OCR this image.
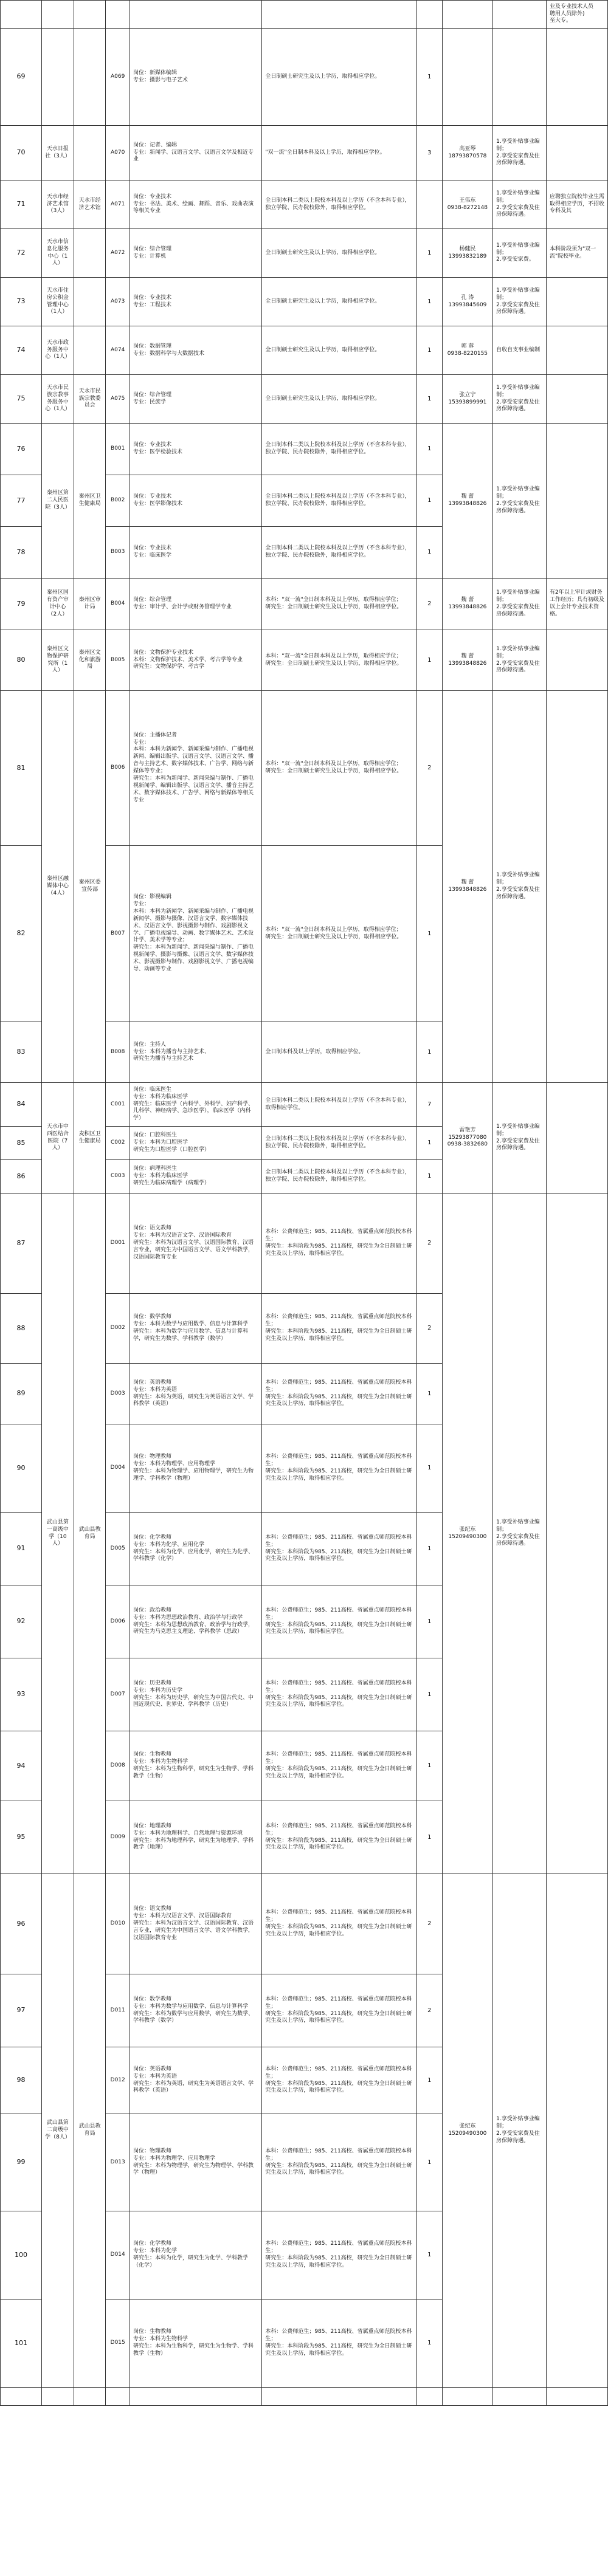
									业及专业技术人员
聘用人员除外)
至大专。
69			A069	岗位：新媒体编辑
专业：摄影与电子艺术	全日制硕士研究生及以上学历，取得相应学位。	1			
70	天水日报社（3人）		A070	岗位：记者、编辑
专业：新闻学、汉语言文学、汉语言文学及相近专业	"双一流"全日制本科及以上学历，取得相应学位。	3	高亚琴
18793870578	1.享受补贴事业编制；
2.享受安家费及住房保障待遇。	
71	天水市经济艺术馆（3人）	天水市经济艺术馆	A071	岗位：专业技术
专业：书法、美术、绘画、舞蹈、音乐、戏曲表演等相关专业	全日制本科二类以上院校本科及以上学历（不含本科专业），独立学院、民办院校除外，取得相应学位。		王伟东
0938-8272148	1.享受补贴事业编制；
2.享受安家费及住房保障待遇。	应聘独立院校毕业生需取得相应学历，不招收专科及其
72	天水市信息化服务中心（1人）		A072	岗位：综合管理
专业：计算机	全日制硕士研究生及以上学历，取得相应学位。	1	杨健民
13993832189	1.享受补贴事业编制；
2.享受安家费。	本科阶段须为"双一流"院校毕业。
73	天水市住房公积金管理中心（1人）		A073	岗位：专业技术
专业：工程技术	全日制硕士研究生及以上学历，取得相应学位。	1	孔 涛
13993845609	1.享受补贴事业编制；
2.享受安家费及住房保障待遇。	
74	天水市政务服务中心（1人）		A074	岗位：数据管理
专业：数据科学与大数据技术	全日制硕士研究生及以上学历，取得相应学位。	1	郭 蓉
0938-8220155	自收自支事业编制	
75	天水市民族宗教事务服务中心（1人）	天水市民族宗教委员会	A075	岗位：综合管理
专业：民族学	全日制硕士研究生及以上学历，取得相应学位。	1	张立宁
15393899991	1.享受补贴事业编制；
2.享受安家费及住房保障待遇。	
76	秦州区第二人民医院（3人）	秦州区卫生健康局	B001	岗位：专业技术
专业：医学检验技术	全日制本科二类以上院校本科及以上学历（不含本科专业），独立学院、民办院校除外，取得相应学位。	1	魏 蕾
13993848826	1.享受补贴事业编制；
2.享受安家费及住房保障待遇。	
77			B002	岗位：专业技术
专业：医学影像技术	全日制本科二类以上院校本科及以上学历（不含本科专业），独立学院、民办院校除外，取得相应学位。	1			
78			B003	岗位：专业技术
专业：临床医学	全日制本科二类以上院校本科及以上学历（不含本科专业），独立学院、民办院校除外，取得相应学位。	1			
79	秦州区国有资产审计中心（2人）	秦州区审计局	B004	岗位：综合管理
专业：审计学、会计学或财务管理学专业	本科："双一流"全日制本科及以上学历，取得相应学位；
研究生：全日制硕士研究生及以上学历，取得相应学位。	2	魏 蕾
13993848826	1.享受补贴事业编制；
2.享受安家费及住房保障待遇。	有2年以上审计或财务工作经历；具有初级及以上会计专业技术资格。
80	秦州区文物保护研究所（1人）	秦州区文化和旅游局	B005	岗位：文物保护专业技术
本科：文物保护技术、美术学、考古学等专业
研究生：文物保护学、考古学	本科："双一流"全日制本科及以上学历，取得相应学位；
研究生：全日制硕士研究生及以上学历，取得相应学位。	1	魏 蕾
13993848826	1.享受补贴事业编制；
2.享受安家费及住房保障待遇。	
81	秦州区融媒体中心（4人）	秦州区委宣传部	B006	岗位：主播体记者
专业：
本科：本科为新闻学、新闻采编与制作、广播电视新闻、编辑出版学、汉语言文学、汉语言文学、播音与主持艺术、数字媒体技术、广告学、网络与新媒体等专业；
研究生：本科为新闻学、新闻采编与制作、广播电视新闻学、编辑出版学、汉语言文学、播音主持艺术、数字媒体技术、广告学、网络与新媒体等相关专业	本科："双一流"全日制本科及以上学历，取得相应学位；
研究生：全日制硕士研究生及以上学历，取得相应学位。	2	魏 蕾
13993848826	1.享受补贴事业编制；
2.享受安家费及住房保障待遇。	
82			B007	岗位：影视编辑
专业：
本科：本科为新闻学、新闻采编与制作、广播电视新闻学、摄影与摄像、汉语言文学、数字媒体技术、汉语言文学、影视摄影与制作、戏剧影视文学、广播电视编导、动画、数字媒体艺术、艺术设计学、美术学等专业；
研究生：本科为新闻学、新闻采编与制作、广播电视新闻学、摄影与摄像、汉语言文学、数字媒体技术、影视摄影与制作、戏剧影视文学、广播电视编导、动画等专业	本科："双一流"全日制本科及以上学历，取得相应学位；
研究生：全日制硕士研究生及以上学历，取得相应学位。	1			
83			B008	岗位：主持人
专业：本科为播音与主持艺术、
研究生为播音与主持艺术	全日制本科及以上学历，取得相应学位。	1			
84	天水市中西医结合医院（7人）	麦积区卫生健康局	C001	岗位：临床医生
专业：本科为临床医学
研究生：临床医学（内科学、外科学、妇产科学、儿科学、神经病学、急诊医学），临床医学（内科学）	全日制本科二类以上院校本科及以上学历（不含本科专业），取得相应学位。	7	雷艳芳
15293877080
0938-3832680	1.享受补贴事业编制；
2.享受安家费及住房保障待遇。	
85			C002	岗位：口腔科医生
专业：本科为口腔医学
研究生为口腔医学（口腔医学）	全日制本科二类以上院校本科及以上学历（不含本科专业），独立学院、民办院校除外，取得相应学位。	1			
86			C003	岗位：病理科医生
专业：本科为临床医学
研究生为临床病理学（病理学）	全日制本科二类以上院校本科及以上学历（不含本科专业），独立学院、民办院校除外，取得相应学位。	1			
87	武山县第一高级中学（10人）	武山县教育局	D001	岗位：语文教师
专业：本科为汉语言文学、汉语国际教育
研究生：本科为汉语言文学、汉语国际教育、汉语言专业，研究生为中国语言文学、语文学科教学，汉语国际教育专业	本科：公费师范生；985、211高校、省属重点师范院校本科生；
研究生：本科阶段为985、211高校，研究生为全日制硕士研究生及以上学历，取得相应学位。	2	张纪东
15209490300	1.享受补贴事业编制；
2.享受安家费及住房保障待遇。	
88			D002	岗位：数学教师
专业：本科为数学与应用数学、信息与计算科学
研究生：本科为数学与应用数学、信息与计算科学，研究生为数学、学科教学（数学）	本科：公费师范生；985、211高校、省属重点师范院校本科生；
研究生：本科阶段为985、211高校，研究生为全日制硕士研究生及以上学历，取得相应学位。	2			
89			D003	岗位：英语教师
专业：本科为英语
研究生：本科为英语，研究生为英语语言文学、学科教学（英语）	本科：公费师范生；985、211高校、省属重点师范院校本科生；
研究生：本科阶段为985、211高校，研究生为全日制硕士研究生及以上学历，取得相应学位。	1			
90			D004	岗位：物理教师
专业：本科为物理学、应用物理学
研究生：本科为物理学、应用物理学，研究生为物理学、学科教学（物理）	本科：公费师范生；985、211高校、省属重点师范院校本科生；
研究生：本科阶段为985、211高校，研究生为全日制硕士研究生及以上学历，取得相应学位。	1			
91			D005	岗位：化学教师
专业：本科为化学、应用化学
研究生：本科为化学、应用化学，研究生为化学、学科教学（化学）	本科：公费师范生；985、211高校、省属重点师范院校本科生；
研究生：本科阶段为985、211高校，研究生为全日制硕士研究生及以上学历，取得相应学位。	1			
92			D006	岗位：政治教师
专业：本科为思想政治教育、政治学与行政学
研究生：本科为思想政治教育、政治学与行政学，研究生为马克思主义理论、学科教学（思政）	本科：公费师范生；985、211高校、省属重点师范院校本科生；
研究生：本科阶段为985、211高校，研究生为全日制硕士研究生及以上学历，取得相应学位。	1			
93			D007	岗位：历史教师
专业：本科为历史学
研究生：本科为历史学，研究生为中国古代史、中国近现代史、世界史、学科教学（历史）	本科：公费师范生；985、211高校、省属重点师范院校本科生；
研究生：本科阶段为985、211高校，研究生为全日制硕士研究生及以上学历，取得相应学位。	1			
94			D008	岗位：生物教师
专业：本科为生物科学
研究生：本科为生物科学，研究生为生物学、学科教学（生物）	本科：公费师范生；985、211高校、省属重点师范院校本科生；
研究生：本科阶段为985、211高校，研究生为全日制硕士研究生及以上学历，取得相应学位。	1			
95			D009	岗位：地理教师
专业：本科为地理科学、自然地理与资源环境
研究生：本科为地理科学，研究生为地理学、学科教学（地理）	本科：公费师范生；985、211高校、省属重点师范院校本科生；
研究生：本科阶段为985、211高校，研究生为全日制硕士研究生及以上学历，取得相应学位。	1			
96	武山县第二高级中学（8人）	武山县教育局	D010	岗位：语文教师
专业：本科为汉语言文学、汉语国际教育
研究生：本科为汉语言文学、汉语国际教育、汉语言专业，研究生为中国语言文学、语文学科教学，汉语国际教育专业	本科：公费师范生；985、211高校、省属重点师范院校本科生；
研究生：本科阶段为985、211高校，研究生为全日制硕士研究生及以上学历，取得相应学位。	2	张纪东
15209490300	1.享受补贴事业编制；
2.享受安家费及住房保障待遇。	
97			D011	岗位：数学教师
专业：本科为数学与应用数学、信息与计算科学
研究生：本科为数学与应用数学，研究生为数学、学科教学（数学）	本科：公费师范生；985、211高校、省属重点师范院校本科生；
研究生：本科阶段为985、211高校，研究生为全日制硕士研究生及以上学历，取得相应学位。	2			
98			D012	岗位：英语教师
专业：本科为英语
研究生：本科为英语，研究生为英语语言文学、学科教学（英语）	本科：公费师范生；985、211高校、省属重点师范院校本科生；
研究生：本科阶段为985、211高校，研究生为全日制硕士研究生及以上学历，取得相应学位。	1			
99			D013	岗位：物理教师
专业：本科为物理学、应用物理学
研究生：本科为物理学，研究生为物理学、学科教学（物理）	本科：公费师范生；985、211高校、省属重点师范院校本科生；
研究生：本科阶段为985、211高校，研究生为全日制硕士研究生及以上学历，取得相应学位。	1			
100			D014	岗位：化学教师
专业：本科为化学
研究生：本科为化学，研究生为化学、学科教学（化学）	本科：公费师范生；985、211高校、省属重点师范院校本科生；
研究生：本科阶段为985、211高校，研究生为全日制硕士研究生及以上学历，取得相应学位。	1			
101			D015	岗位：生物教师
专业：本科为生物科学
研究生：本科为生物科学，研究生为生物学、学科教学（生物）	本科：公费师范生；985、211高校、省属重点师范院校本科生；
研究生：本科阶段为985、211高校，研究生为全日制硕士研究生及以上学历，取得相应学位。	1			
